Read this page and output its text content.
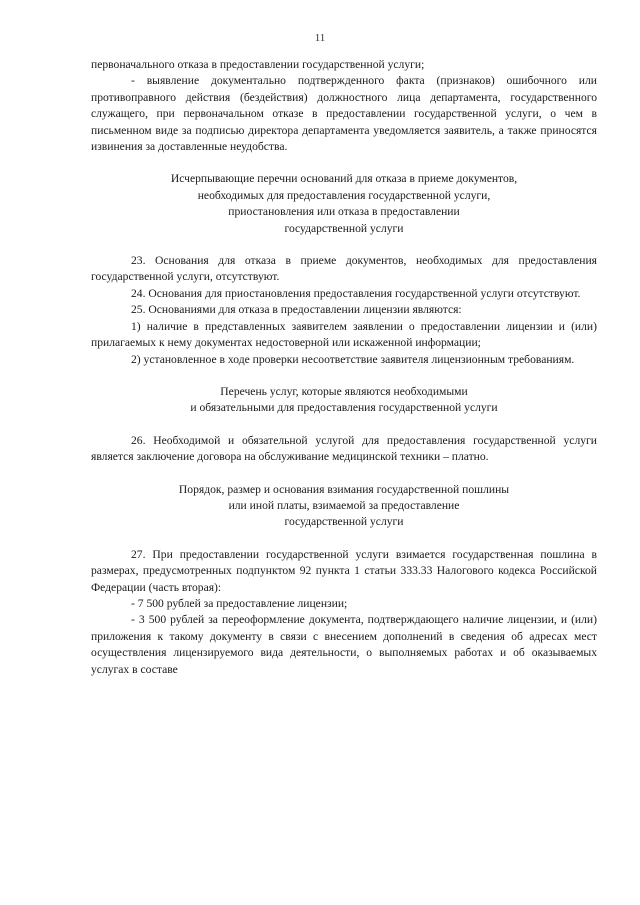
11

первоначального отказа в предоставлении государственной услуги;

- выявление документально подтвержденного факта (признаков) ошибочного или противоправного действия (бездействия) должностного лица департамента, государственного служащего, при первоначальном отказе в предоставлении государственной услуги, о чем в письменном виде за подписью директора департамента уведомляется заявитель, а также приносятся извинения за доставленные неудобства.

Исчерпывающие перечни оснований для отказа в приеме документов,
необходимых для предоставления государственной услуги,
приостановления или отказа в предоставлении
государственной услуги

23. Основания для отказа в приеме документов, необходимых для предоставления государственной услуги, отсутствуют.

24. Основания для приостановления предоставления государственной услуги отсутствуют.

25. Основаниями для отказа в предоставлении лицензии являются:

1) наличие в представленных заявителем заявлении о предоставлении лицензии и (или) прилагаемых к нему документах недостоверной или искаженной информации;

2) установленное в ходе проверки несоответствие заявителя лицензионным требованиям.

Перечень услуг, которые являются необходимыми
и обязательными для предоставления государственной услуги

26. Необходимой и обязательной услугой для предоставления государственной услуги является заключение договора на обслуживание медицинской техники – платно.

Порядок, размер и основания взимания государственной пошлины
или иной платы, взимаемой за предоставление
государственной услуги

27. При предоставлении государственной услуги взимается государственная пошлина в размерах, предусмотренных подпунктом 92 пункта 1 статьи 333.33 Налогового кодекса Российской Федерации (часть вторая):

- 7 500 рублей за предоставление лицензии;

- 3 500 рублей за переоформление документа, подтверждающего наличие лицензии, и (или) приложения к такому документу в связи с внесением дополнений в сведения об адресах мест осуществления лицензируемого вида деятельности, о выполняемых работах и об оказываемых услугах в составе
